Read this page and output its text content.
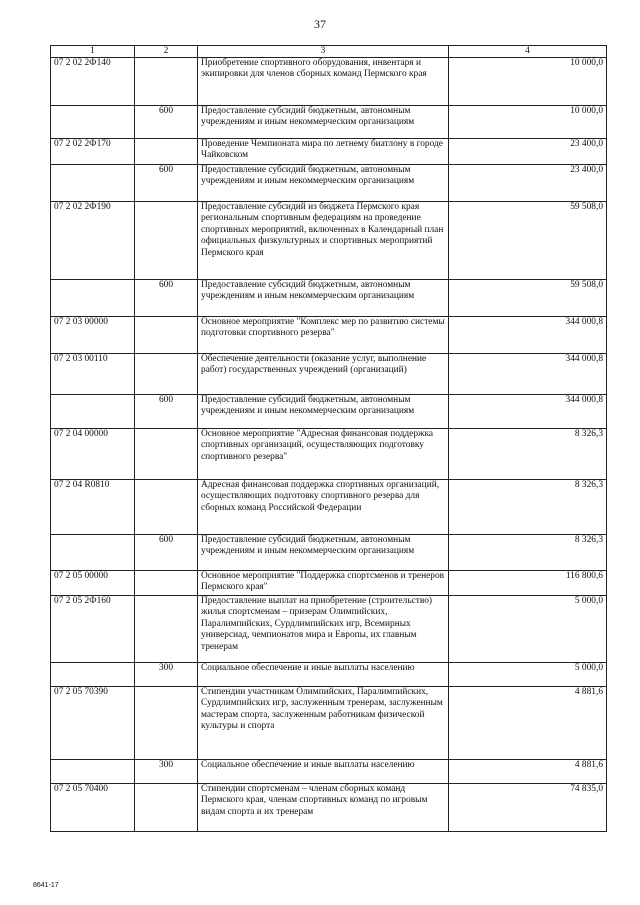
37
1	2	3	4
07 2 02 2Ф140		Приобретение спортивного оборудования, инвентаря и экипировки для членов сборных команд Пермского края	10 000,0
	600	Предоставление субсидий бюджетным, автономным учреждениям и иным некоммерческим организациям	10 000,0
07 2 02 2Ф170		Проведение Чемпионата мира по летнему биатлону в городе Чайковском	23 400,0
	600	Предоставление субсидий бюджетным, автономным учреждениям и иным некоммерческим организациям	23 400,0
07 2 02 2Ф190		Предоставление субсидий из бюджета Пермского края региональным спортивным федерациям на проведение спортивных мероприятий, включенных в Календарный план официальных физкультурных и спортивных мероприятий Пермского края	59 508,0
	600	Предоставление субсидий бюджетным, автономным учреждениям и иным некоммерческим организациям	59 508,0
07 2 03 00000		Основное мероприятие "Комплекс мер по развитию системы подготовки спортивного резерва"	344 000,8
07 2 03 00110		Обеспечение деятельности (оказание услуг, выполнение работ) государственных учреждений (организаций)	344 000,8
	600	Предоставление субсидий бюджетным, автономным учреждениям и иным некоммерческим организациям	344 000,8
07 2 04 00000		Основное мероприятие "Адресная финансовая поддержка спортивных организаций, осуществляющих подготовку спортивного резерва"	8 326,3
07 2 04 R0810		Адресная финансовая поддержка спортивных организаций, осуществляющих подготовку спортивного резерва для сборных команд Российской Федерации	8 326,3
	600	Предоставление субсидий бюджетным, автономным учреждениям и иным некоммерческим организациям	8 326,3
07 2 05 00000		Основное мероприятие "Поддержка спортсменов и тренеров Пермского края"	116 800,6
07 2 05 2Ф160		Предоставление выплат на приобретение (строительство) жилья спортсменам – призерам Олимпийских, Паралимпийских, Сурдлимпийских игр, Всемирных универсиад, чемпионатов мира и Европы, их главным тренерам	5 000,0
	300	Социальное обеспечение и иные выплаты населению	5 000,0
07 2 05 70390		Стипендии участникам Олимпийских, Паралимпийских, Сурдлимпийских игр, заслуженным тренерам, заслуженным мастерам спорта, заслуженным работникам физической культуры и спорта	4 881,6
	300	Социальное обеспечение и иные выплаты населению	4 881,6
07 2 05 70400		Стипендии спортсменам – членам сборных команд Пермского края, членам спортивных команд по игровым видам спорта и их тренерам	74 835,0
8641-17
